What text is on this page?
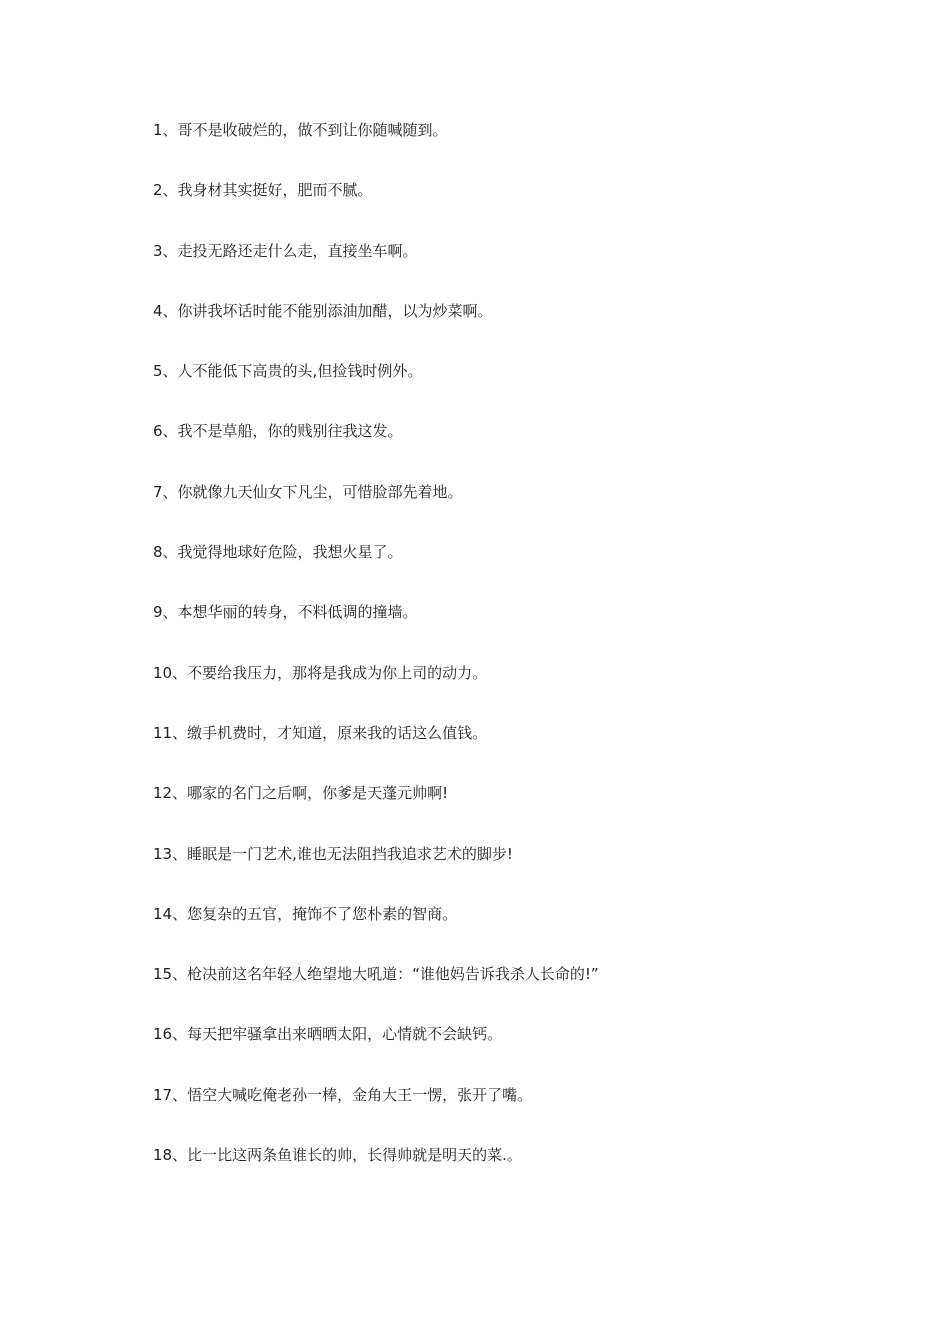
1、哥不是收破烂的，做不到让你随喊随到。
2、我身材其实挺好，肥而不腻。
3、走投无路还走什么走，直接坐车啊。
4、你讲我坏话时能不能别添油加醋，以为炒菜啊。
5、人不能低下高贵的头,但捡钱时例外。
6、我不是草船，你的贱别往我这发。
7、你就像九天仙女下凡尘，可惜脸部先着地。
8、我觉得地球好危险，我想火星了。
9、本想华丽的转身，不料低调的撞墙。
10、不要给我压力，那将是我成为你上司的动力。
11、缴手机费时，才知道，原来我的话这么值钱。
12、哪家的名门之后啊，你爹是天蓬元帅啊!
13、睡眠是一门艺术,谁也无法阻挡我追求艺术的脚步!
14、您复杂的五官，掩饰不了您朴素的智商。
15、枪决前这名年轻人绝望地大吼道：“谁他妈告诉我杀人长命的!”
16、每天把牢骚拿出来晒晒太阳，心情就不会缺钙。
17、悟空大喊吃俺老孙一棒，金角大王一愣，张开了嘴。
18、比一比这两条鱼谁长的帅，长得帅就是明天的菜.。
